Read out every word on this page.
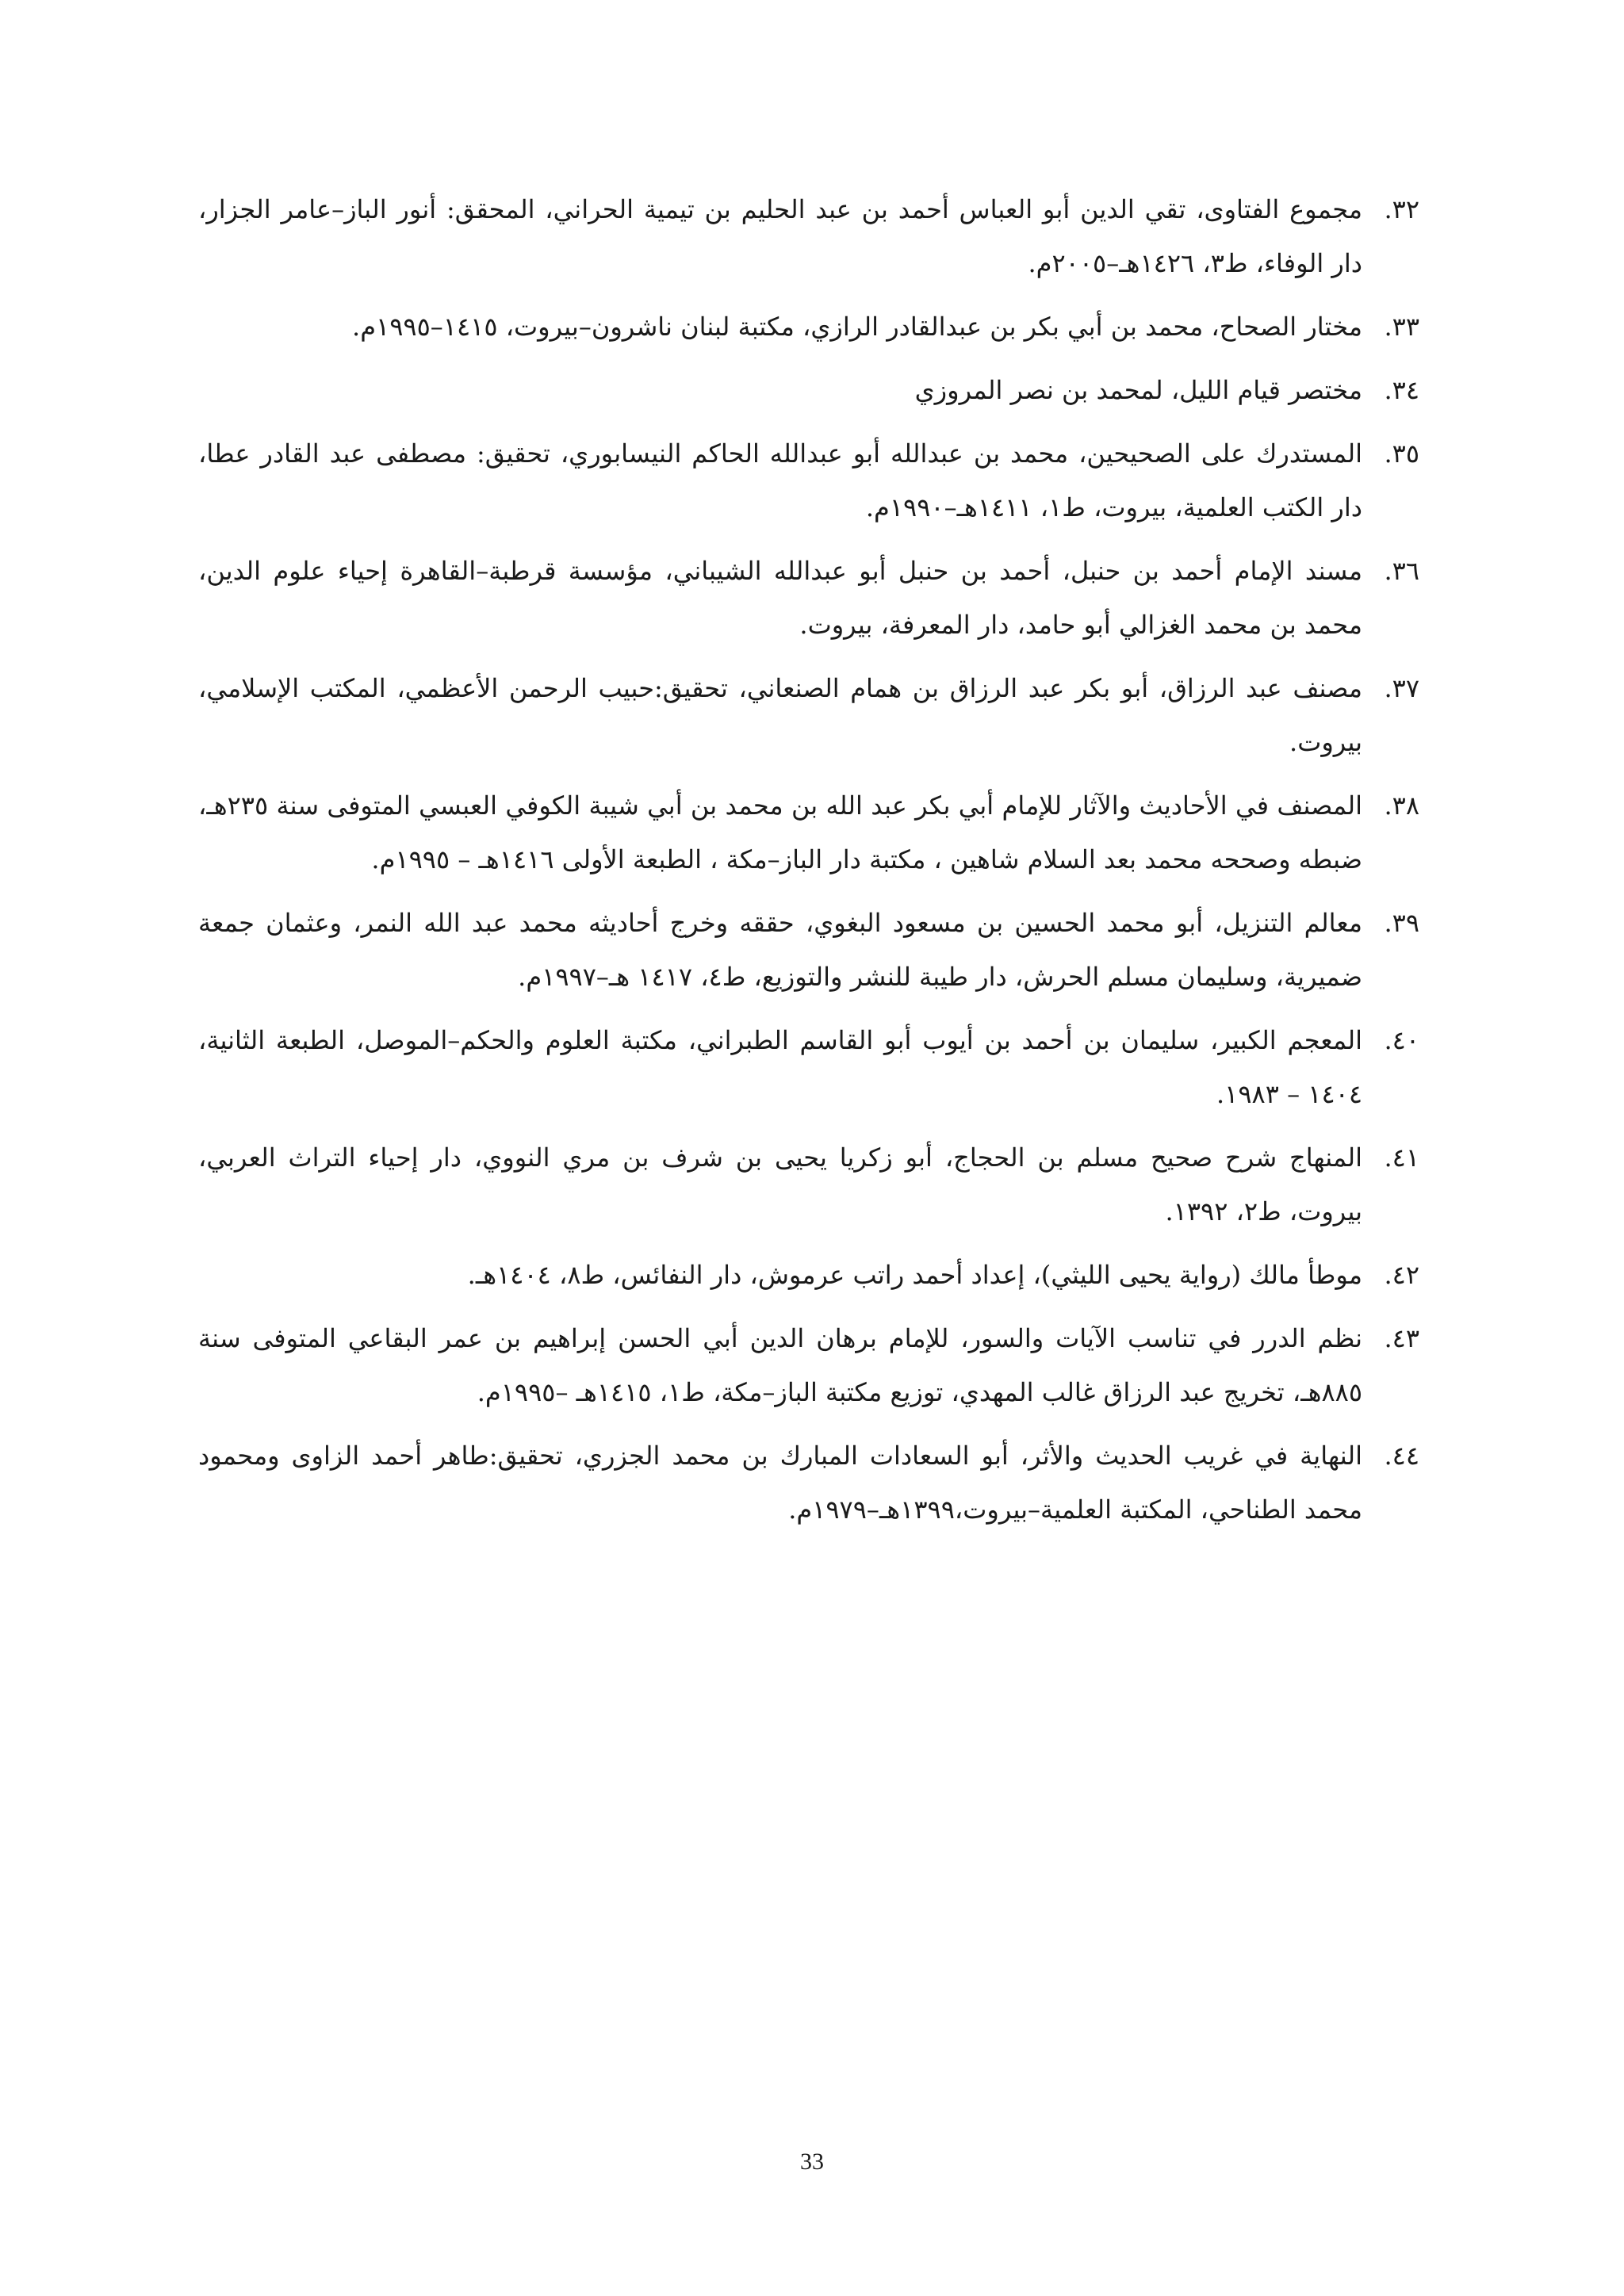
٣٢.
مجموع الفتاوى، تقي الدين أبو العباس أحمد بن عبد الحليم بن تيمية الحراني، المحقق: أنور الباز–عامر الجزار، دار الوفاء، ط٣، ١٤٢٦هـ–٢٠٠٥م.
٣٣.
مختار الصحاح، محمد بن أبي بكر بن عبدالقادر الرازي، مكتبة لبنان ناشرون–بيروت، ١٤١٥–١٩٩٥م.
٣٤.
مختصر قيام الليل، لمحمد بن نصر المروزي
٣٥.
المستدرك على الصحيحين، محمد بن عبدالله أبو عبدالله الحاكم النيسابوري، تحقيق: مصطفى عبد القادر عطا، دار الكتب العلمية، بيروت، ط١، ١٤١١هـ–١٩٩٠م.
٣٦.
مسند الإمام أحمد بن حنبل، أحمد بن حنبل أبو عبدالله الشيباني، مؤسسة قرطبة–القاهرة إحياء علوم الدين، محمد بن محمد الغزالي أبو حامد، دار المعرفة، بيروت.
٣٧.
مصنف عبد الرزاق، أبو بكر عبد الرزاق بن همام الصنعاني، تحقيق:حبيب الرحمن الأعظمي، المكتب الإسلامي، بيروت.
٣٨.
المصنف في الأحاديث والآثار للإمام أبي بكر عبد الله بن محمد بن أبي شيبة الكوفي العبسي المتوفى سنة ٢٣٥هـ، ضبطه وصححه محمد بعد السلام شاهين ، مكتبة دار الباز–مكة ، الطبعة الأولى ١٤١٦هـ – ١٩٩٥م.
٣٩.
معالم التنزيل، أبو محمد الحسين بن مسعود البغوي، حققه وخرج أحاديثه محمد عبد الله النمر، وعثمان جمعة ضميرية، وسليمان مسلم الحرش، دار طيبة للنشر والتوزيع، ط٤، ١٤١٧ هـ–١٩٩٧م.
٤٠.
المعجم الكبير، سليمان بن أحمد بن أيوب أبو القاسم الطبراني، مكتبة العلوم والحكم–الموصل، الطبعة الثانية، ١٤٠٤ – ١٩٨٣.
٤١.
المنهاج شرح صحيح مسلم بن الحجاج، أبو زكريا يحيى بن شرف بن مري النووي، دار إحياء التراث العربي، بيروت، ط٢، ١٣٩٢.
٤٢.
موطأ مالك (رواية يحيى الليثي)، إعداد أحمد راتب عرموش، دار النفائس، ط٨، ١٤٠٤هـ.
٤٣.
نظم الدرر في تناسب الآيات والسور، للإمام برهان الدين أبي الحسن إبراهيم بن عمر البقاعي المتوفى سنة ٨٨٥هـ، تخريج عبد الرزاق غالب المهدي، توزيع مكتبة الباز–مكة، ط١، ١٤١٥هـ –١٩٩٥م.
٤٤.
النهاية في غريب الحديث والأثر، أبو السعادات المبارك بن محمد الجزري، تحقيق:طاهر أحمد الزاوى ومحمود محمد الطناحي، المكتبة العلمية–بيروت،١٣٩٩هـ–١٩٧٩م.
33
